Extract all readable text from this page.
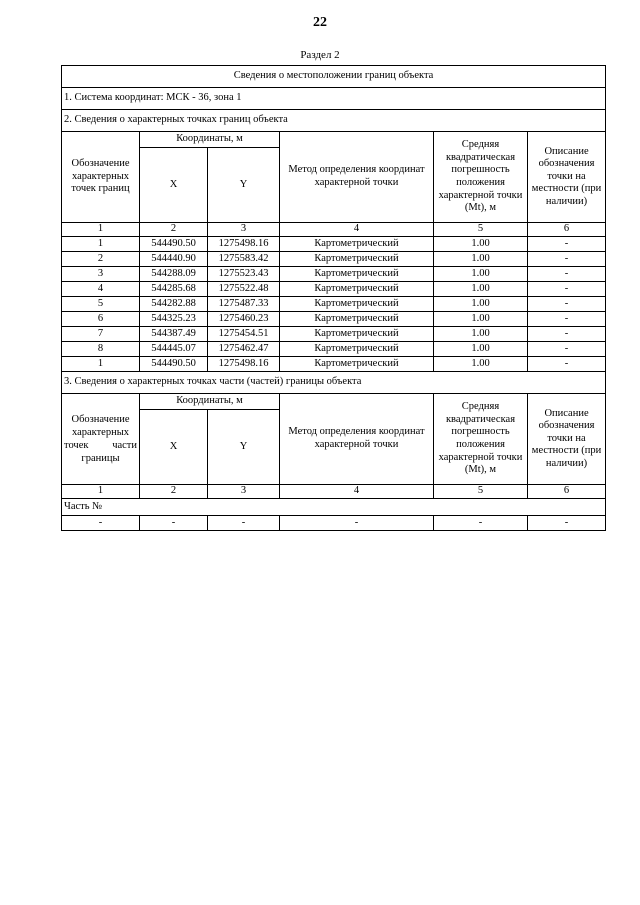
22
Раздел 2
Сведения о местоположении границ объекта					
1. Система координат: МСК - 36, зона 1					
2. Сведения о характерных точках границ объекта					
Обозначение характерных точек границ	Координаты, м		Метод определения координат характерной точки	Средняя квадратическая погрешность положения характерной точки (Mt), м	Описание обозначения точки на местности (при наличии)
	X	Y			
1	2	3	4	5	6
1	544490.50	1275498.16	Картометрический	1.00	-
2	544440.90	1275583.42	Картометрический	1.00	-
3	544288.09	1275523.43	Картометрический	1.00	-
4	544285.68	1275522.48	Картометрический	1.00	-
5	544282.88	1275487.33	Картометрический	1.00	-
6	544325.23	1275460.23	Картометрический	1.00	-
7	544387.49	1275454.51	Картометрический	1.00	-
8	544445.07	1275462.47	Картометрический	1.00	-
1	544490.50	1275498.16	Картометрический	1.00	-
3. Сведения о характерных точках части (частей) границы объекта					
Обозначение
характерных

точек части
границы	Координаты, м		Метод определения координат характерной точки	Средняя квадратическая погрешность положения характерной точки (Mt), м	Описание обозначения точки на местности (при наличии)
	X	Y			
1	2	3	4	5	6
Часть №					
-	-	-	-	-	-
